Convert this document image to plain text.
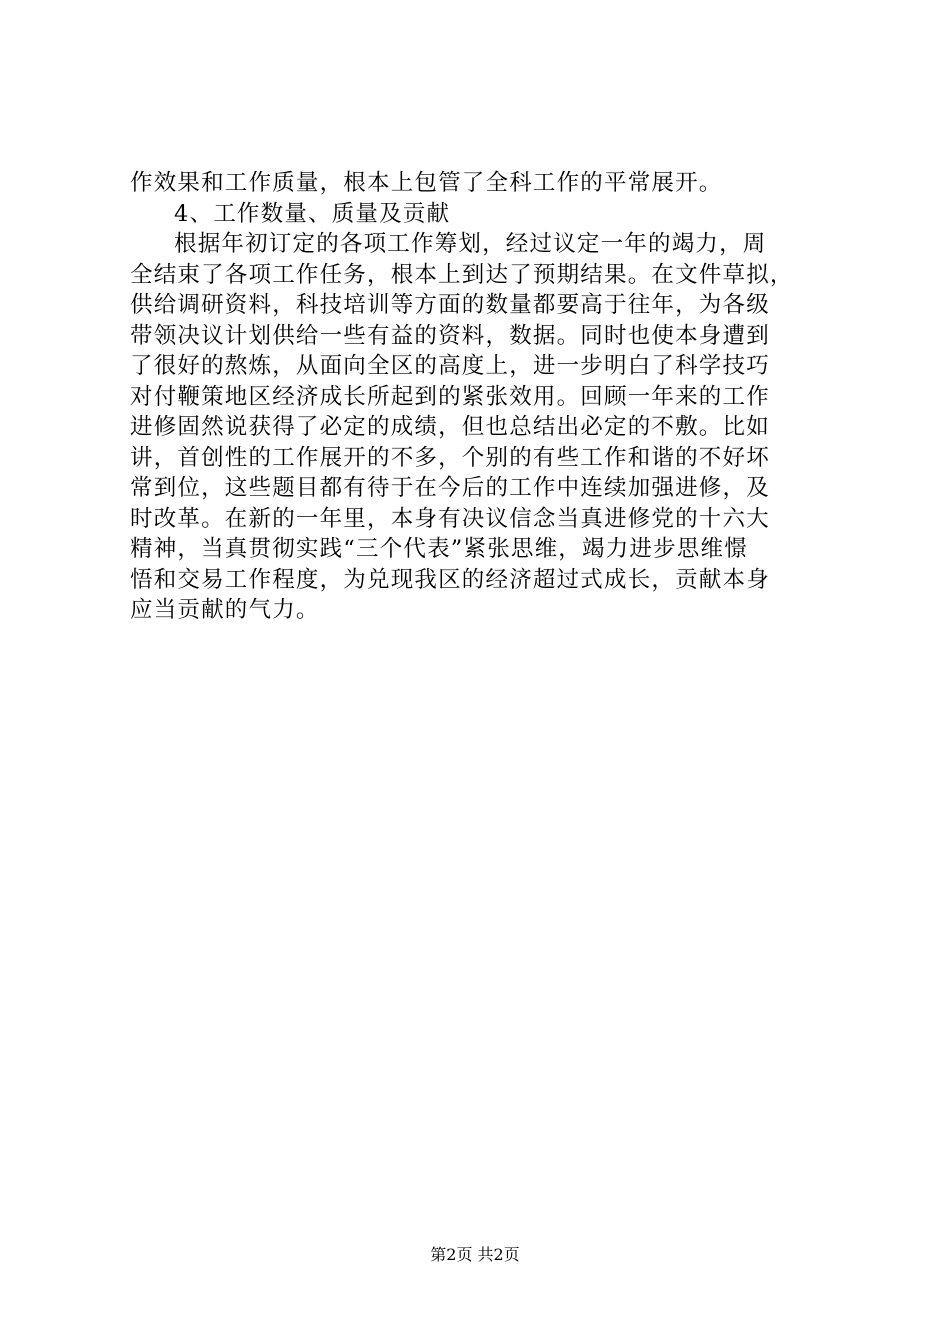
作效果和工作质量，根本上包管了全科工作的平常展开。
4、工作数量、质量及贡献
根据年初订定的各项工作筹划，经过议定一年的竭力，周
全结束了各项工作任务，根本上到达了预期结果。在文件草拟，
供给调研资料，科技培训等方面的数量都要高于往年，为各级
带领决议计划供给一些有益的资料，数据。同时也使本身遭到
了很好的熬炼，从面向全区的高度上，进一步明白了科学技巧
对付鞭策地区经济成长所起到的紧张效用。回顾一年来的工作
进修固然说获得了必定的成绩，但也总结出必定的不敷。比如
讲，首创性的工作展开的不多，个别的有些工作和谐的不好坏
常到位，这些题目都有待于在今后的工作中连续加强进修，及
时改革。在新的一年里，本身有决议信念当真进修党的十六大
精神，当真贯彻实践“三个代表”紧张思维，竭力进步思维憬
悟和交易工作程度，为兑现我区的经济超过式成长，贡献本身
应当贡献的气力。
第2页 共2页
